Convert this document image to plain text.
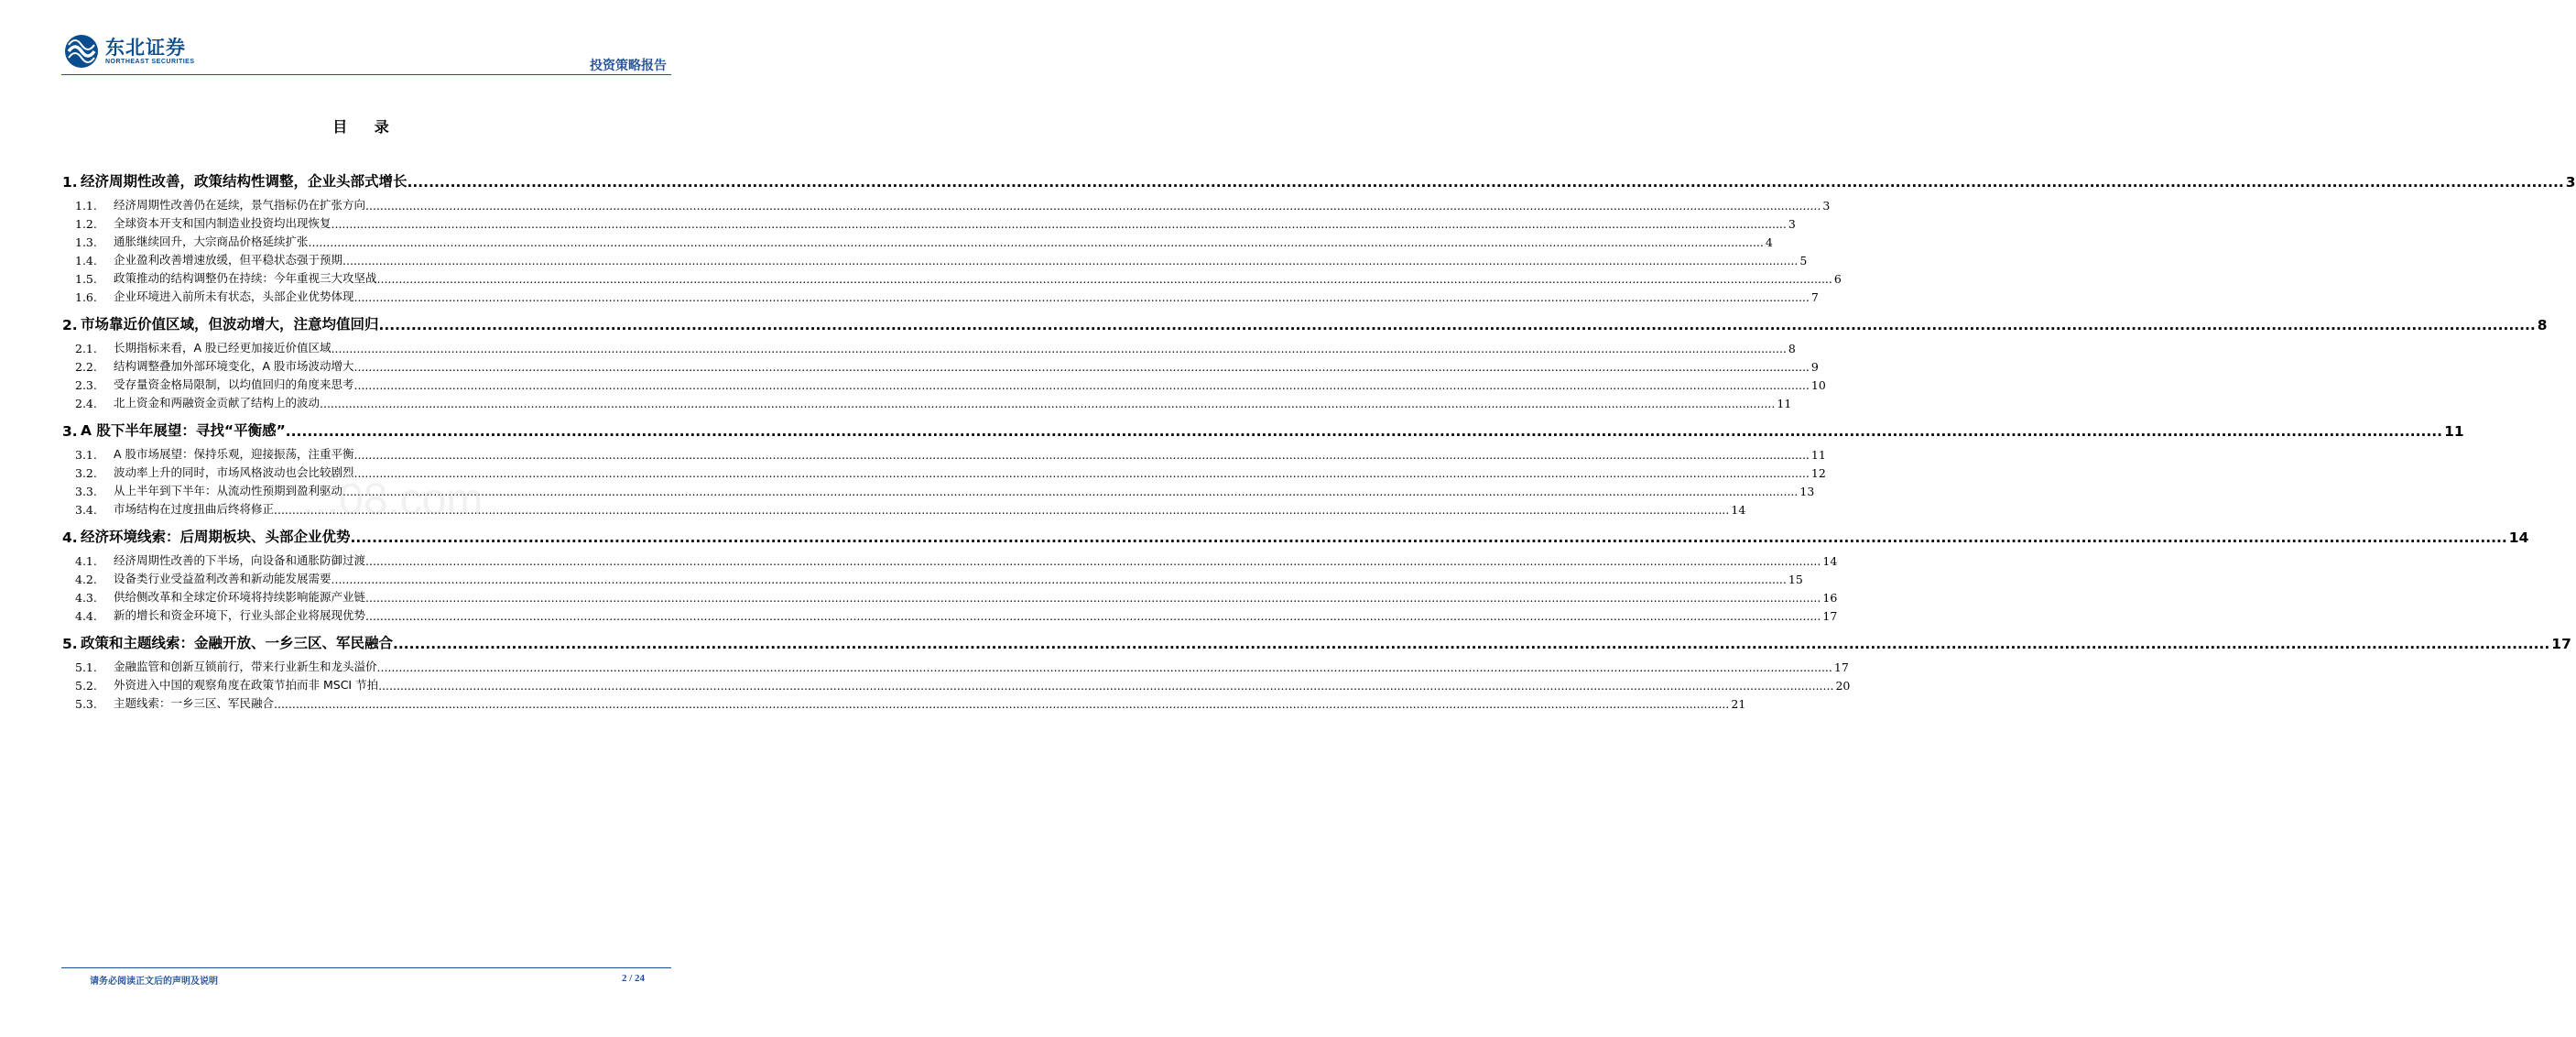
东北证券
NORTHEAST SECURITIES	投资策略报告
目 录
1. 经济周期性改善，政策结构性调整，企业头部式增长 ................................................................................................................................................................................................................................................................................................................................................................................................................ 3
1.1.	经济周期性改善仍在延续，景气指标仍在扩张方向 ................................................................................................................................................................................................................................................................................................................................................................................................................ 3
1.2.	全球资本开支和国内制造业投资均出现恢复 ................................................................................................................................................................................................................................................................................................................................................................................................................ 3
1.3.	通胀继续回升，大宗商品价格延续扩张 ................................................................................................................................................................................................................................................................................................................................................................................................................ 4
1.4.	企业盈利改善增速放缓，但平稳状态强于预期 ................................................................................................................................................................................................................................................................................................................................................................................................................ 5
1.5.	政策推动的结构调整仍在持续：今年重视三大攻坚战 ................................................................................................................................................................................................................................................................................................................................................................................................................ 6
1.6.	企业环境进入前所未有状态，头部企业优势体现 ................................................................................................................................................................................................................................................................................................................................................................................................................ 7
2. 市场靠近价值区域，但波动增大，注意均值回归 ................................................................................................................................................................................................................................................................................................................................................................................................................ 8
2.1.	长期指标来看，A 股已经更加接近价值区域 ................................................................................................................................................................................................................................................................................................................................................................................................................ 8
2.2.	结构调整叠加外部环境变化，A 股市场波动增大 ................................................................................................................................................................................................................................................................................................................................................................................................................ 9
2.3.	受存量资金格局限制，以均值回归的角度来思考 ................................................................................................................................................................................................................................................................................................................................................................................................................ 10
2.4.	北上资金和两融资金贡献了结构上的波动 ................................................................................................................................................................................................................................................................................................................................................................................................................ 11
3. A 股下半年展望：寻找“平衡感” ................................................................................................................................................................................................................................................................................................................................................................................................................ 11
3.1.	A 股市场展望：保持乐观，迎接振荡，注重平衡 ................................................................................................................................................................................................................................................................................................................................................................................................................ 11
3.2.	波动率上升的同时，市场风格波动也会比较剧烈 ................................................................................................................................................................................................................................................................................................................................................................................................................ 12
3.3.	从上半年到下半年：从流动性预期到盈利驱动 ................................................................................................................................................................................................................................................................................................................................................................................................................ 13
3.4.	市场结构在过度扭曲后终将修正 ................................................................................................................................................................................................................................................................................................................................................................................................................ 14
4. 经济环境线索：后周期板块、头部企业优势 ................................................................................................................................................................................................................................................................................................................................................................................................................ 14
4.1.	经济周期性改善的下半场，向设备和通胀防御过渡 ................................................................................................................................................................................................................................................................................................................................................................................................................ 14
4.2.	设备类行业受益盈利改善和新动能发展需要 ................................................................................................................................................................................................................................................................................................................................................................................................................ 15
4.3.	供给侧改革和全球定价环境将持续影响能源产业链 ................................................................................................................................................................................................................................................................................................................................................................................................................ 16
4.4.	新的增长和资金环境下，行业头部企业将展现优势 ................................................................................................................................................................................................................................................................................................................................................................................................................ 17
5. 政策和主题线索：金融开放、一乡三区、军民融合 ................................................................................................................................................................................................................................................................................................................................................................................................................ 17
5.1.	金融监管和创新互锁前行，带来行业新生和龙头溢价 ................................................................................................................................................................................................................................................................................................................................................................................................................ 17
5.2.	外资进入中国的观察角度在政策节拍而非 MSCI 节拍 ................................................................................................................................................................................................................................................................................................................................................................................................................ 20
5.3.	主题线索：一乡三区、军民融合 ................................................................................................................................................................................................................................................................................................................................................................................................................ 21
...08.com
请务必阅读正文后的声明及说明	2 / 24
